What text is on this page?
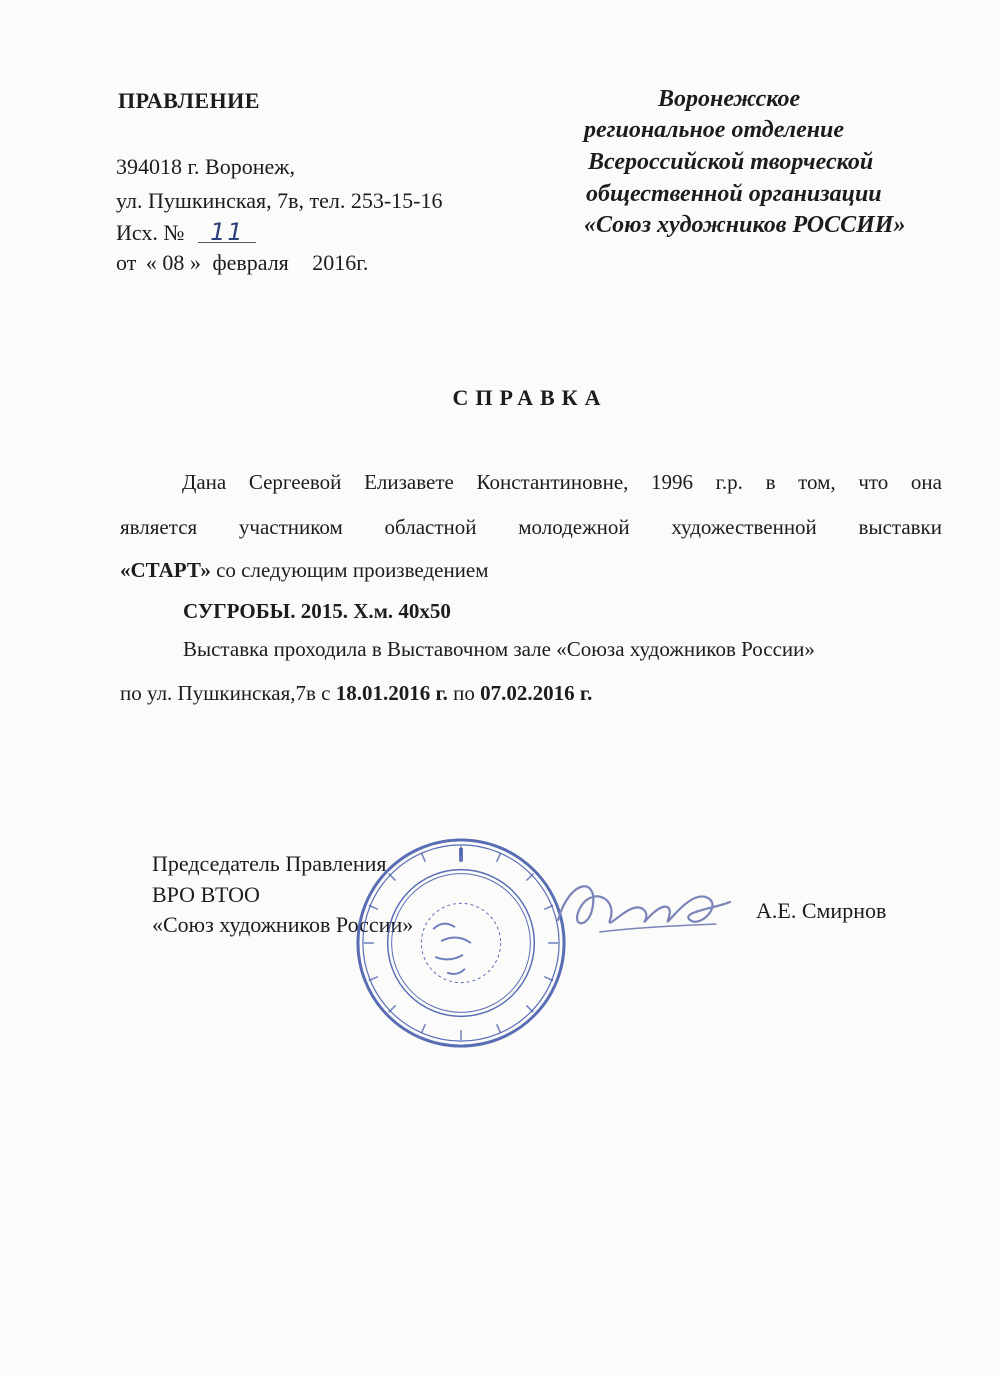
ПРАВЛЕНИЕ
394018 г. Воронеж,
ул. Пушкинская, 7в, тел. 253-15-16
Исх. № 11
от « 08 » февраля 2016г.
Воронежское
региональное отделение
Всероссийской творческой
общественной организации
«Союз художников РОССИИ»
СПРАВКА
Дана Сергеевой Елизавете Константиновне, 1996 г.р. в том, что она
является участником областной молодежной художественной выставки
«СТАРТ» со следующим произведением
СУГРОБЫ. 2015. Х.м. 40х50
Выставка проходила в Выставочном зале «Союза художников России»
по ул. Пушкинская,7в с 18.01.2016 г. по 07.02.2016 г.
Председатель Правления
ВРО ВТОО
«Союз художников России»
А.Е. Смирнов
